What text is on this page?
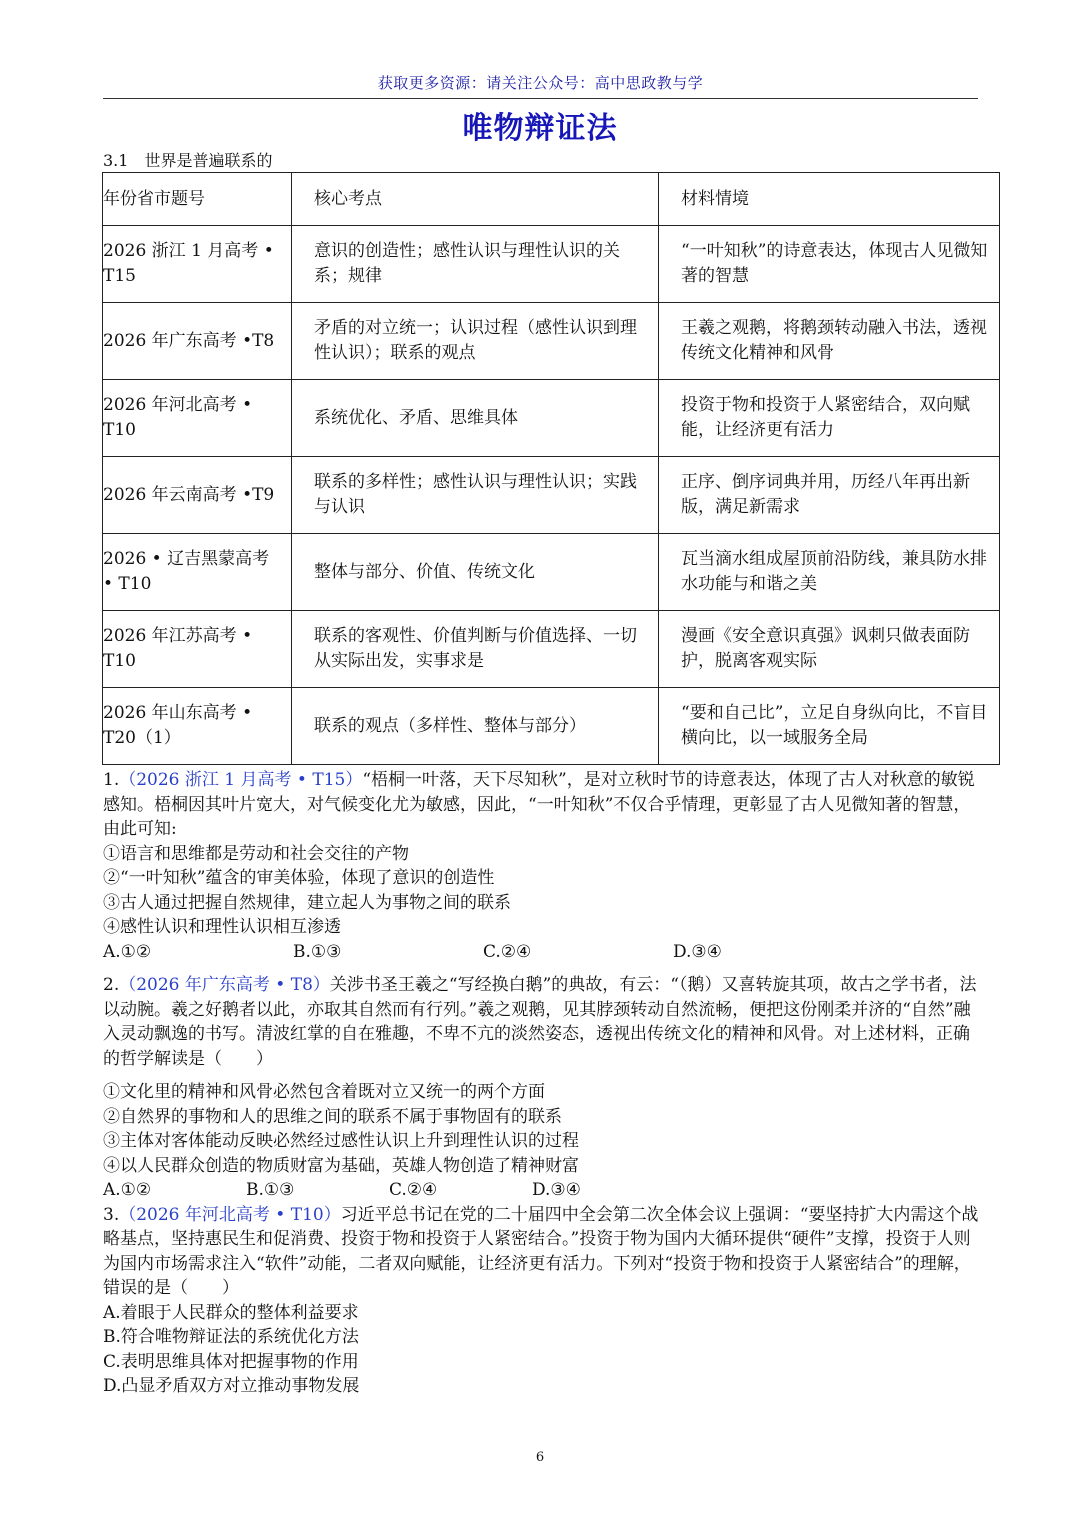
获取更多资源：请关注公众号：高中思政教与学
唯物辩证法
3.1　世界是普遍联系的
年份省市题号	核心考点	材料情境
2026 浙江 1 月高考 • T15	意识的创造性；感性认识与理性认识的关系；规律	“一叶知秋”的诗意表达，体现古人见微知著的智慧
2026 年广东高考 •T8	矛盾的对立统一；认识过程（感性认识到理性认识）；联系的观点	王羲之观鹅，将鹅颈转动融入书法，透视传统文化精神和风骨
2026 年河北高考 • T10	系统优化、矛盾、思维具体	投资于物和投资于人紧密结合，双向赋能，让经济更有活力
2026 年云南高考 •T9	联系的多样性；感性认识与理性认识；实践与认识	正序、倒序词典并用，历经八年再出新版，满足新需求
2026 • 辽吉黑蒙高考 • T10	整体与部分、价值、传统文化	瓦当滴水组成屋顶前沿防线，兼具防水排水功能与和谐之美
2026 年江苏高考 • T10	联系的客观性、价值判断与价值选择、一切从实际出发，实事求是	漫画《安全意识真强》讽刺只做表面防护，脱离客观实际
2026 年山东高考 • T20（1）	联系的观点（多样性、整体与部分）	“要和自己比”，立足自身纵向比，不盲目横向比，以一域服务全局

1.（2026 浙江 1 月高考 • T15）“梧桐一叶落，天下尽知秋”，是对立秋时节的诗意表达，体现了古人对秋意的敏锐感知。梧桐因其叶片宽大，对气候变化尤为敏感，因此，“一叶知秋”不仅合乎情理，更彰显了古人见微知著的智慧，由此可知:

①语言和思维都是劳动和社会交往的产物

②“一叶知秋”蕴含的审美体验，体现了意识的创造性

③古人通过把握自然规律，建立起人为事物之间的联系

④感性认识和理性认识相互渗透

A.①②	B.①③	C.②④	D.③④

2.（2026 年广东高考 • T8）关涉书圣王羲之“写经换白鹅”的典故，有云：“（鹅）又喜转旋其项，故古之学书者，法以动腕。羲之好鹅者以此，亦取其自然而有行列。”羲之观鹅，见其脖颈转动自然流畅，便把这份刚柔并济的“自然”融入灵动飘逸的书写。清波红掌的自在雅趣，不卑不亢的淡然姿态，透视出传统文化的精神和风骨。对上述材料，正确的哲学解读是（　　）

①文化里的精神和风骨必然包含着既对立又统一的两个方面

②自然界的事物和人的思维之间的联系不属于事物固有的联系

③主体对客体能动反映必然经过感性认识上升到理性认识的过程

④以人民群众创造的物质财富为基础，英雄人物创造了精神财富

A.①②	B.①③	C.②④	D.③④

3.（2026 年河北高考 • T10）习近平总书记在党的二十届四中全会第二次全体会议上强调：“要坚持扩大内需这个战略基点，坚持惠民生和促消费、投资于物和投资于人紧密结合。”投资于物为国内大循环提供“硬件”支撑，投资于人则为国内市场需求注入“软件”动能，二者双向赋能，让经济更有活力。下列对“投资于物和投资于人紧密结合”的理解，错误的是（　　）

A.着眼于人民群众的整体利益要求

B.符合唯物辩证法的系统优化方法

C.表明思维具体对把握事物的作用

D.凸显矛盾双方对立推动事物发展

6
